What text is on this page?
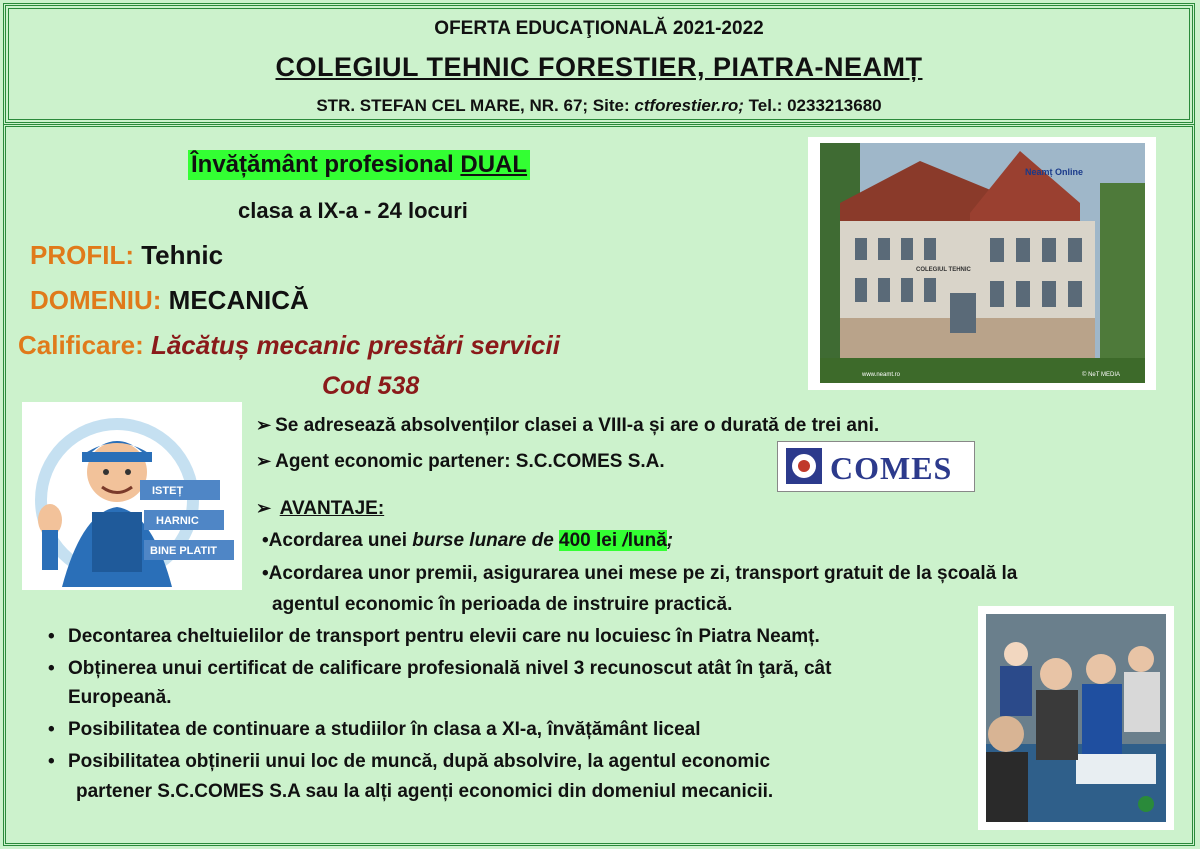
OFERTA EDUCAŢIONALĂ 2021-2022
COLEGIUL TEHNIC FORESTIER, PIATRA-NEAMȚ
STR. STEFAN CEL MARE, NR. 67; Site: ctforestier.ro; Tel.: 0233213680
Învățământ profesional DUAL
clasa a IX-a - 24 locuri
PROFIL: Tehnic
DOMENIU: MECANICĂ
Calificare: Lăcătuș mecanic prestări servicii
Cod 538
Neamț Online
COLEGIUL TEHNIC
www.neamt.ro	© NeT MEDIA
ISTEȚ
HARNIC
BINE PLATIT
➢ Se adresează absolvenților clasei a VIII-a și are o durată de trei ani.
➢ Agent economic partener: S.C.COMES S.A.	COMES
➢ AVANTAJE:
•Acordarea unei burse lunare de 400 lei /lună;
•Acordarea unor premii, asigurarea unei mese pe zi, transport gratuit de la școală la
agentul economic în perioada de instruire practică.
• Decontarea cheltuielilor de transport pentru elevii care nu locuiesc în Piatra Neamț.
• Obținerea unui certificat de calificare profesională nivel 3 recunoscut atât în ţară, cât
Europeană.
• Posibilitatea de continuare a studiilor în clasa a XI-a, învățământ liceal
• Posibilitatea obținerii unui loc de muncă, după absolvire, la agentul economic
partener S.C.COMES S.A sau la alți agenți economici din domeniul mecanicii.
